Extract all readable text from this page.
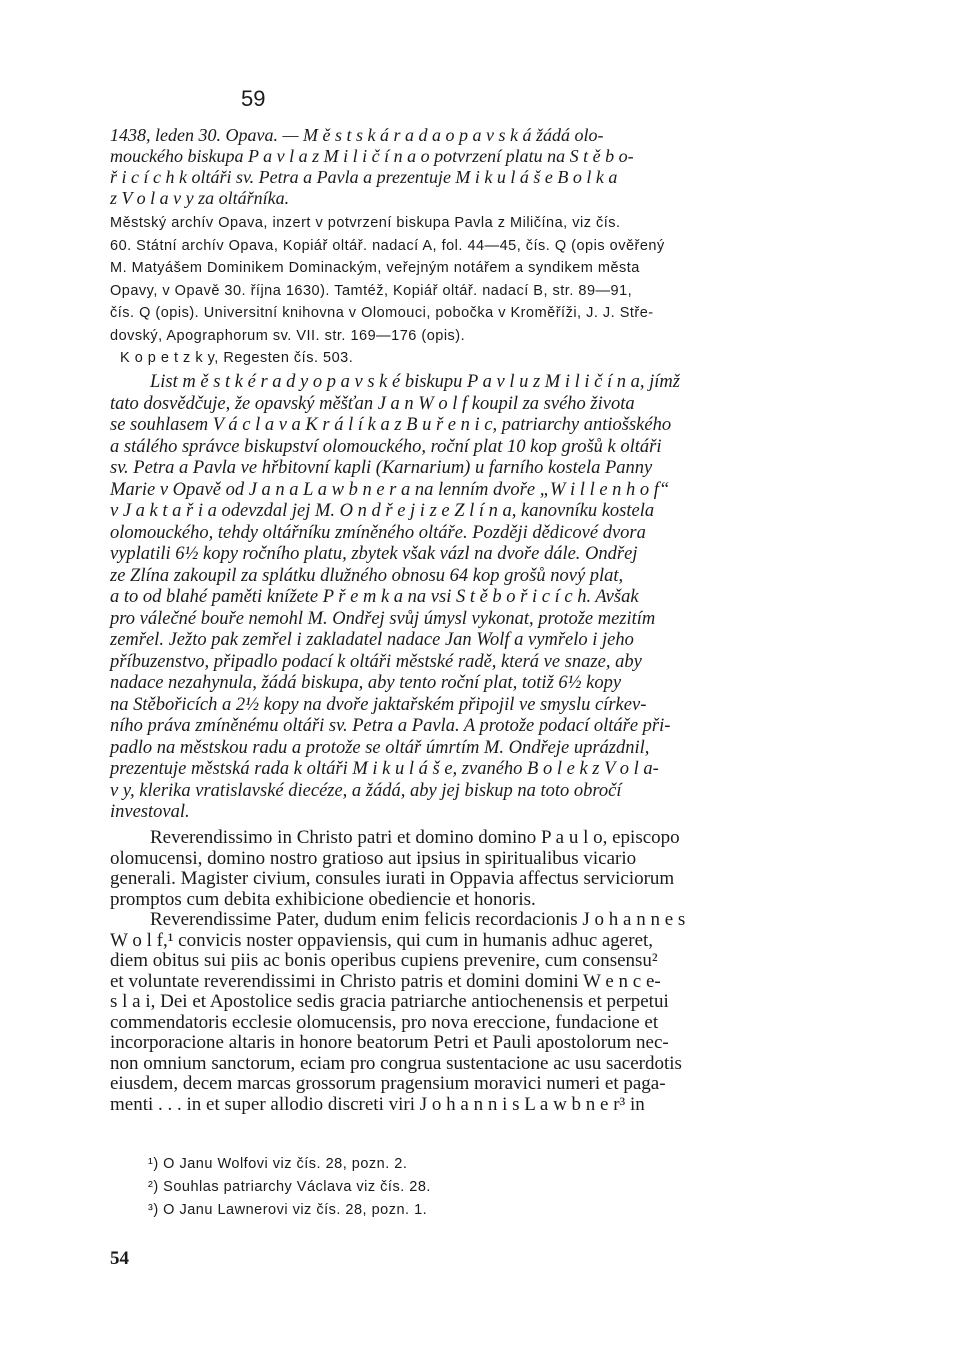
59
1438, leden 30. Opava. — M ě s t s k á r a d a o p a v s k á žádá olo-
mouckého biskupa P a v l a z M i l i č í n a o potvrzení platu na S t ě b o-
ř i c í c h k oltáři sv. Petra a Pavla a prezentuje M i k u l á š e B o l k a
z V o l a v y za oltářníka.
Městský archív Opava, inzert v potvrzení biskupa Pavla z Miličína, viz čís.
60. Státní archív Opava, Kopiář oltář. nadací A, fol. 44—45, čís. Q (opis ověřený
M. Matyášem Dominikem Dominackým, veřejným notářem a syndikem města
Opavy, v Opavě 30. října 1630). Tamtéž, Kopiář oltář. nadací B, str. 89—91,
čís. Q (opis). Universitní knihovna v Olomouci, pobočka v Kroměříži, J. J. Stře-
dovský, Apographorum sv. VII. str. 169—176 (opis).
K o p e t z k y, Regesten čís. 503.
List m ě s t k é r a d y o p a v s k é biskupu P a v l u z M i l i č í n a, jímž
tato dosvědčuje, že opavský měšťan J a n W o l f koupil za svého života
se souhlasem V á c l a v a K r á l í k a z B u ř e n i c, patriarchy antiošského
a stálého správce biskupství olomouckého, roční plat 10 kop grošů k oltáři
sv. Petra a Pavla ve hřbitovní kapli (Karnarium) u farního kostela Panny
Marie v Opavě od J a n a L a w b n e r a na lenním dvoře „W i l l e n h o f“
v J a k t a ř i a odevzdal jej M. O n d ř e j i z e Z l í n a, kanovníku kostela
olomouckého, tehdy oltářníku zmíněného oltáře. Později dědicové dvora
vyplatili 6½ kopy ročního platu, zbytek však vázl na dvoře dále. Ondřej
ze Zlína zakoupil za splátku dlužného obnosu 64 kop grošů nový plat,
a to od blahé paměti knížete P ř e m k a na vsi S t ě b o ř i c í c h. Avšak
pro válečné bouře nemohl M. Ondřej svůj úmysl vykonat, protože mezitím
zemřel. Ježto pak zemřel i zakladatel nadace Jan Wolf a vymřelo i jeho
příbuzenstvo, připadlo podací k oltáři městské radě, která ve snaze, aby
nadace nezahynula, žádá biskupa, aby tento roční plat, totiž 6½ kopy
na Stěbořicích a 2½ kopy na dvoře jaktařském připojil ve smyslu církev-
ního práva zmíněnému oltáři sv. Petra a Pavla. A protože podací oltáře při-
padlo na městskou radu a protože se oltář úmrtím M. Ondřeje uprázdnil,
prezentuje městská rada k oltáři M i k u l á š e, zvaného B o l e k z V o l a-
v y, klerika vratislavské diecéze, a žádá, aby jej biskup na toto obročí
investoval.
Reverendissimo in Christo patri et domino domino P a u l o, episcopo
olomucensi, domino nostro gratioso aut ipsius in spiritualibus vicario
generali. Magister civium, consules iurati in Oppavia affectus serviciorum
promptos cum debita exhibicione obediencie et honoris.
Reverendissime Pater, dudum enim felicis recordacionis J o h a n n e s
W o l f,¹ convicis noster oppaviensis, qui cum in humanis adhuc ageret,
diem obitus sui piis ac bonis operibus cupiens prevenire, cum consensu²
et voluntate reverendissimi in Christo patris et domini domini W e n c e-
s l a i, Dei et Apostolice sedis gracia patriarche antiochenensis et perpetui
commendatoris ecclesie olomucensis, pro nova ereccione, fundacione et
incorporacione altaris in honore beatorum Petri et Pauli apostolorum nec-
non omnium sanctorum, eciam pro congrua sustentacione ac usu sacerdotis
eiusdem, decem marcas grossorum pragensium moravici numeri et paga-
menti . . . in et super allodio discreti viri J o h a n n i s L a w b n e r³ in
¹) O Janu Wolfovi viz čís. 28, pozn. 2.
²) Souhlas patriarchy Václava viz čís. 28.
³) O Janu Lawnerovi viz čís. 28, pozn. 1.
54
